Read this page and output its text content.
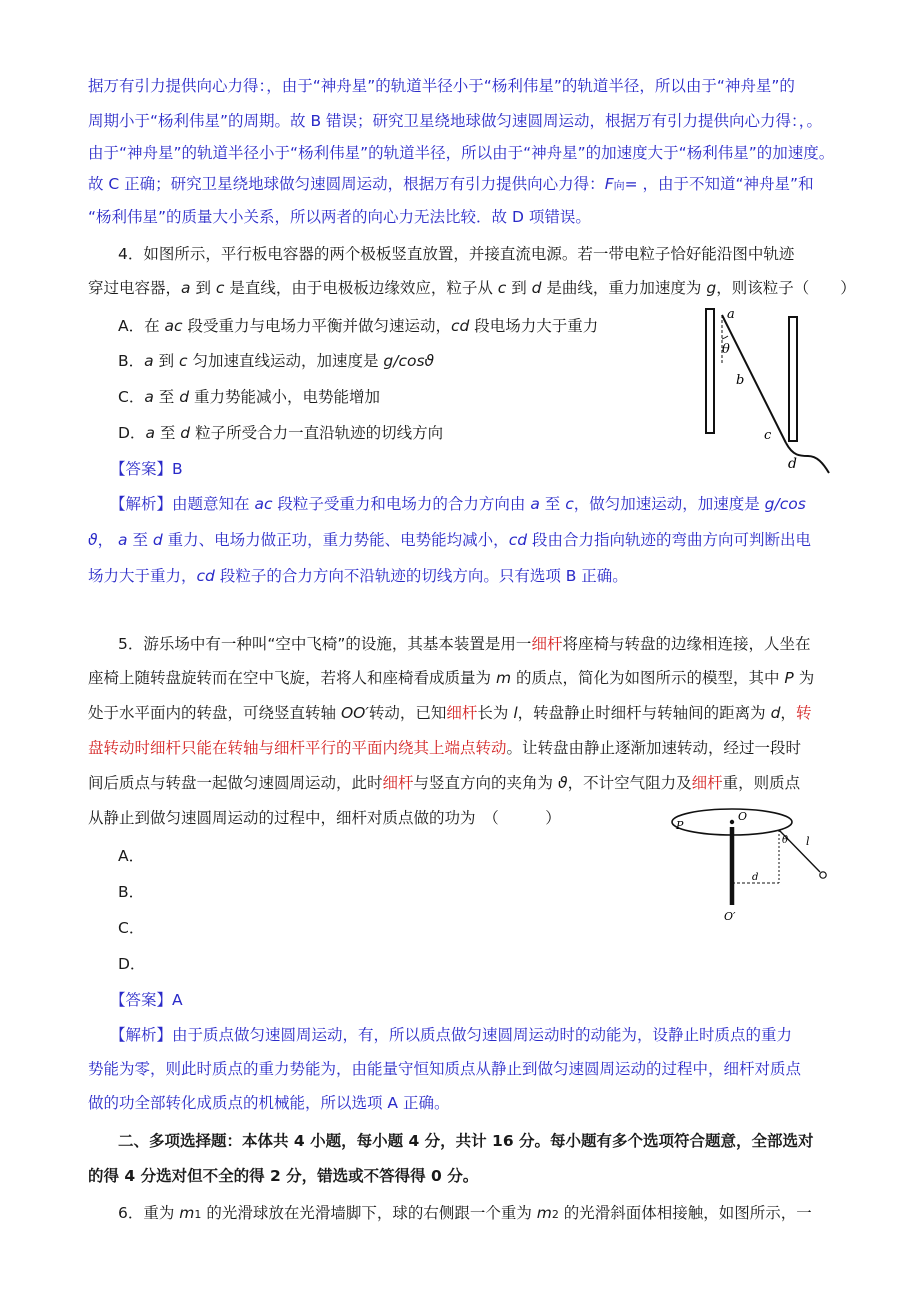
据万有引力提供向心力得：，由于“神舟星”的轨道半径小于“杨利伟星”的轨道半径，所以由于“神舟星”的
周期小于“杨利伟星”的周期。故 B 错误；研究卫星绕地球做匀速圆周运动，根据万有引力提供向心力得：，。
由于“神舟星”的轨道半径小于“杨利伟星”的轨道半径，所以由于“神舟星”的加速度大于“杨利伟星”的加速度。
故 C 正确；研究卫星绕地球做匀速圆周运动，根据万有引力提供向心力得：F向= ，由于不知道“神舟星”和
“杨利伟星”的质量大小关系，所以两者的向心力无法比较．故 D 项错误。
4．如图所示，平行板电容器的两个极板竖直放置，并接直流电源。若一带电粒子恰好能沿图中轨迹
穿过电容器，a 到 c 是直线，由于电极板边缘效应，粒子从 c 到 d 是曲线，重力加速度为 g，则该粒子（　　）
A．在 ac 段受重力与电场力平衡并做匀速运动，cd 段电场力大于重力
B．a 到 c 匀加速直线运动，加速度是 g/cosϑ
C．a 至 d 重力势能减小，电势能增加
D．a 至 d 粒子所受合力一直沿轨迹的切线方向
【答案】B
【解析】由题意知在 ac 段粒子受重力和电场力的合力方向由 a 至 c，做匀加速运动，加速度是 g/cos
ϑ， a 至 d 重力、电场力做正功，重力势能、电势能均减小，cd 段由合力指向轨迹的弯曲方向可判断出电
场力大于重力，cd 段粒子的合力方向不沿轨迹的切线方向。只有选项 B 正确。
a
θ
b
c
d
5．游乐场中有一种叫“空中飞椅”的设施，其基本装置是用一细杆将座椅与转盘的边缘相连接，人坐在
座椅上随转盘旋转而在空中飞旋，若将人和座椅看成质量为 m 的质点，简化为如图所示的模型，其中 P 为
处于水平面内的转盘，可绕竖直转轴 OO′转动，已知细杆长为 l，转盘静止时细杆与转轴间的距离为 d，转
盘转动时细杆只能在转轴与细杆平行的平面内绕其上端点转动。让转盘由静止逐渐加速转动，经过一段时
间后质点与转盘一起做匀速圆周运动，此时细杆与竖直方向的夹角为 ϑ，不计空气阻力及细杆重，则质点
从静止到做匀速圆周运动的过程中，细杆对质点做的功为　（　　　）
A．
B．
C．
D．
【答案】A
【解析】由于质点做匀速圆周运动，有，所以质点做匀速圆周运动时的动能为，设静止时质点的重力
势能为零，则此时质点的重力势能为，由能量守恒知质点从静止到做匀速圆周运动的过程中，细杆对质点
做的功全部转化成质点的机械能，所以选项 A 正确。
P
O
O′
d
θ l
二、多项选择题：本体共 4 小题，每小题 4 分，共计 16 分。每小题有多个选项符合题意，全部选对
的得 4 分选对但不全的得 2 分，错选或不答得得 0 分。
6．重为 m1 的光滑球放在光滑墙脚下，球的右侧跟一个重为 m2 的光滑斜面体相接触，如图所示，一
